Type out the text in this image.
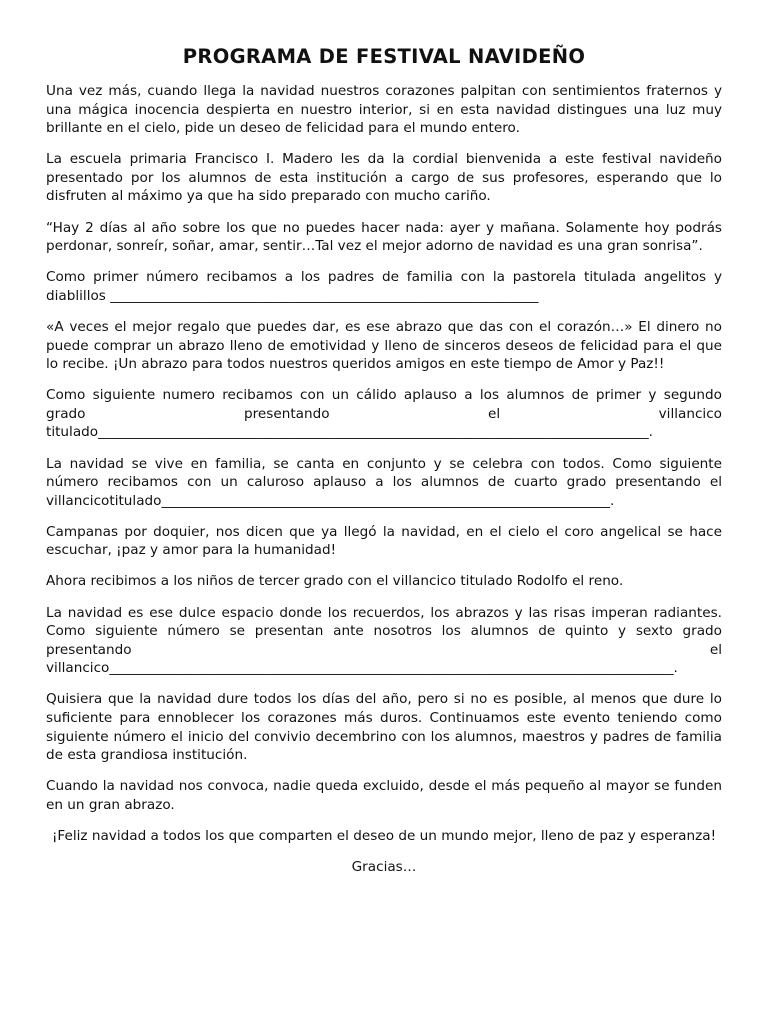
PROGRAMA DE FESTIVAL NAVIDEÑO

Una vez más, cuando llega la navidad nuestros corazones palpitan con sentimientos fraternos y una mágica inocencia despierta en nuestro interior, si en esta navidad distingues una luz muy brillante en el cielo, pide un deseo de felicidad para el mundo entero.

La escuela primaria Francisco I. Madero les da la cordial bienvenida a este festival navideño presentado por los alumnos de esta institución a cargo de sus profesores, esperando que lo disfruten al máximo ya que ha sido preparado con mucho cariño.

“Hay 2 días al año sobre los que no puedes hacer nada: ayer y mañana. Solamente hoy podrás perdonar, sonreír, soñar, amar, sentir…Tal vez el mejor adorno de navidad es una gran sonrisa”.

Como primer número recibamos a los padres de familia con la pastorela titulada angelitos y diablillos _______________________________________________________________

«A veces el mejor regalo que puedes dar, es ese abrazo que das con el corazón…» El dinero no puede comprar un abrazo lleno de emotividad y lleno de sinceros deseos de felicidad para el que lo recibe. ¡Un abrazo para todos nuestros queridos amigos en este tiempo de Amor y Paz!!

Como siguiente numero recibamos con un cálido aplauso a los alumnos de primer y segundo grado presentando el villancico titulado_________________________________________________________________________________.

La navidad se vive en familia, se canta en conjunto y se celebra con todos. Como siguiente número recibamos con un caluroso aplauso a los alumnos de cuarto grado presentando el villancicotitulado__________________________________________________________________.

Campanas por doquier, nos dicen que ya llegó la navidad, en el cielo el coro angelical se hace escuchar, ¡paz y amor para la humanidad!

Ahora recibimos a los niños de tercer grado con el villancico titulado Rodolfo el reno.

La navidad es ese dulce espacio donde los recuerdos, los abrazos y las risas imperan radiantes. Como siguiente número se presentan ante nosotros los alumnos de quinto y sexto grado presentando el villancico___________________________________________________________________________________.

Quisiera que la navidad dure todos los días del año, pero si no es posible, al menos que dure lo suficiente para ennoblecer los corazones más duros. Continuamos este evento teniendo como siguiente número el inicio del convivio decembrino con los alumnos, maestros y padres de familia de esta grandiosa institución.

Cuando la navidad nos convoca, nadie queda excluido, desde el más pequeño al mayor se funden en un gran abrazo.

¡Feliz navidad a todos los que comparten el deseo de un mundo mejor, lleno de paz y esperanza!

Gracias…
